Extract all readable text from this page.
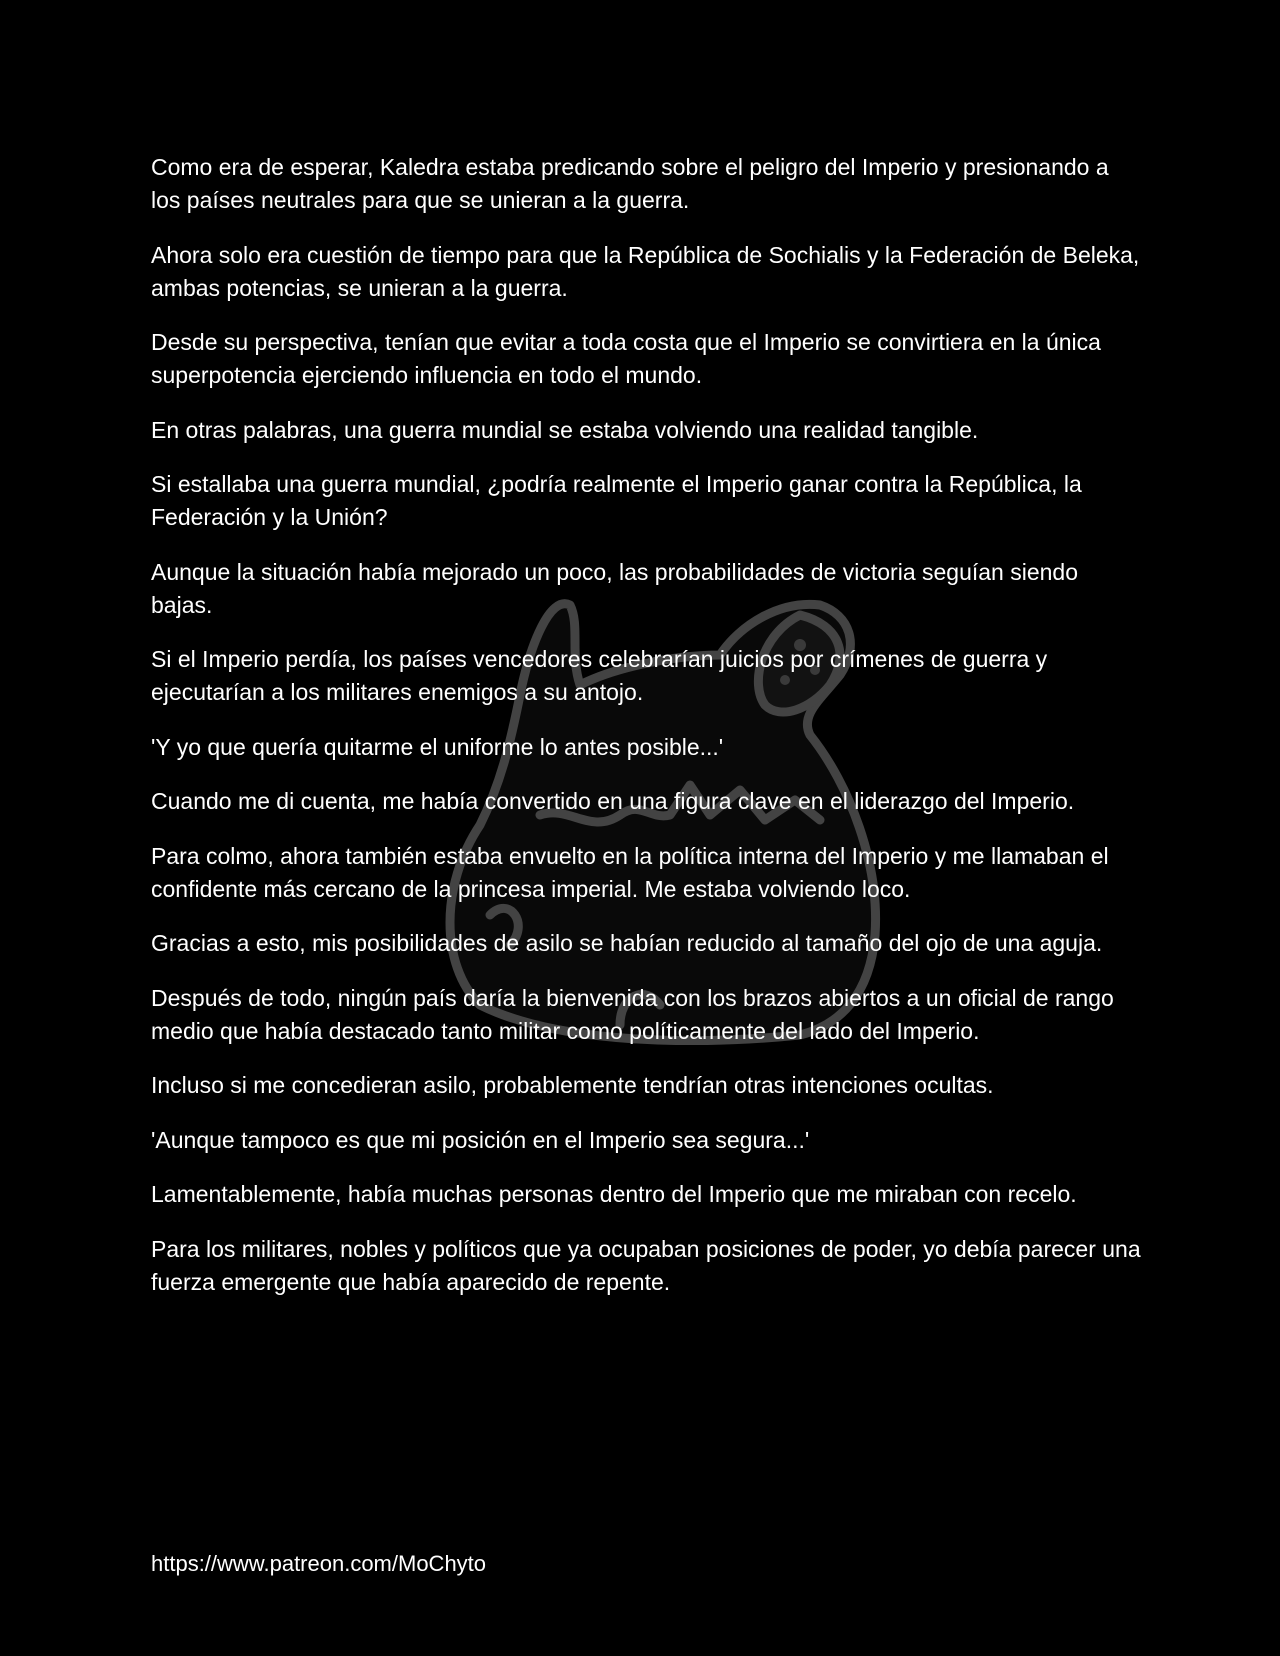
Como era de esperar, Kaledra estaba predicando sobre el peligro del Imperio y presionando a los países neutrales para que se unieran a la guerra.

Ahora solo era cuestión de tiempo para que la República de Sochialis y la Federación de Beleka, ambas potencias, se unieran a la guerra.

Desde su perspectiva, tenían que evitar a toda costa que el Imperio se convirtiera en la única superpotencia ejerciendo influencia en todo el mundo.

En otras palabras, una guerra mundial se estaba volviendo una realidad tangible.

Si estallaba una guerra mundial, ¿podría realmente el Imperio ganar contra la República, la Federación y la Unión?

Aunque la situación había mejorado un poco, las probabilidades de victoria seguían siendo bajas.

Si el Imperio perdía, los países vencedores celebrarían juicios por crímenes de guerra y ejecutarían a los militares enemigos a su antojo.

'Y yo que quería quitarme el uniforme lo antes posible...'

Cuando me di cuenta, me había convertido en una figura clave en el liderazgo del Imperio.

Para colmo, ahora también estaba envuelto en la política interna del Imperio y me llamaban el confidente más cercano de la princesa imperial. Me estaba volviendo loco.

Gracias a esto, mis posibilidades de asilo se habían reducido al tamaño del ojo de una aguja.

Después de todo, ningún país daría la bienvenida con los brazos abiertos a un oficial de rango medio que había destacado tanto militar como políticamente del lado del Imperio.

Incluso si me concedieran asilo, probablemente tendrían otras intenciones ocultas.

'Aunque tampoco es que mi posición en el Imperio sea segura...'

Lamentablemente, había muchas personas dentro del Imperio que me miraban con recelo.

Para los militares, nobles y políticos que ya ocupaban posiciones de poder, yo debía parecer una fuerza emergente que había aparecido de repente.

https://www.patreon.com/MoChyto
